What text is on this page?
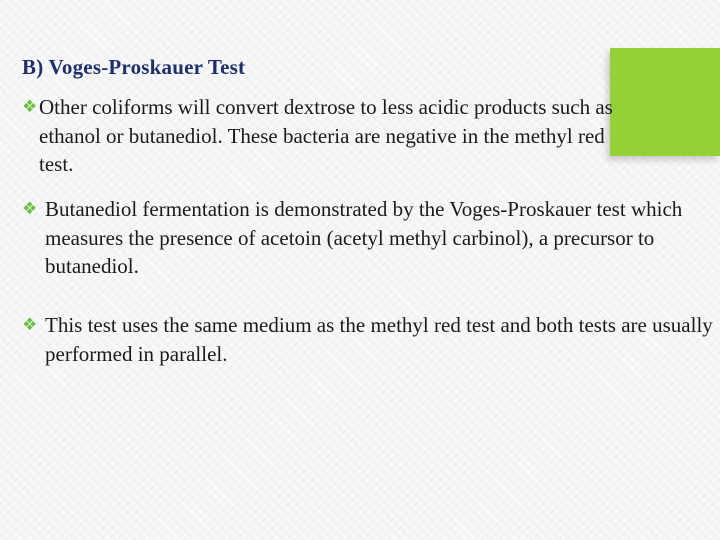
B) Voges-Proskauer Test

❖ Other coliforms will convert dextrose to less acidic products such as ethanol or butanediol. These bacteria are negative in the methyl red test.

❖ Butanediol fermentation is demonstrated by the Voges-Proskauer test which measures the presence of acetoin (acetyl methyl carbinol), a precursor to butanediol.

❖ This test uses the same medium as the methyl red test and both tests are usually performed in parallel.
